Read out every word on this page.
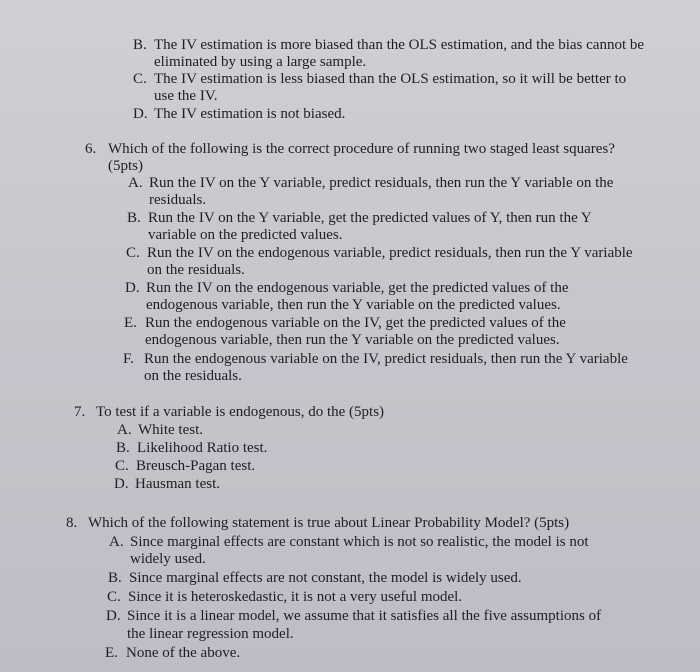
B. The IV estimation is more biased than the OLS estimation, and the bias cannot be
eliminated by using a large sample.
C. The IV estimation is less biased than the OLS estimation, so it will be better to
use the IV.
D. The IV estimation is not biased.
6. Which of the following is the correct procedure of running two staged least squares?
(5pts)
A. Run the IV on the Y variable, predict residuals, then run the Y variable on the
residuals.
B. Run the IV on the Y variable, get the predicted values of Y, then run the Y
variable on the predicted values.
C. Run the IV on the endogenous variable, predict residuals, then run the Y variable
on the residuals.
D. Run the IV on the endogenous variable, get the predicted values of the
endogenous variable, then run the Y variable on the predicted values.
E. Run the endogenous variable on the IV, get the predicted values of the
endogenous variable, then run the Y variable on the predicted values.
F. Run the endogenous variable on the IV, predict residuals, then run the Y variable
on the residuals.
7. To test if a variable is endogenous, do the (5pts)
A. White test.
B. Likelihood Ratio test.
C. Breusch-Pagan test.
D. Hausman test.
8. Which of the following statement is true about Linear Probability Model? (5pts)
A. Since marginal effects are constant which is not so realistic, the model is not
widely used.
B. Since marginal effects are not constant, the model is widely used.
C. Since it is heteroskedastic, it is not a very useful model.
D. Since it is a linear model, we assume that it satisfies all the five assumptions of
the linear regression model.
E. None of the above.
